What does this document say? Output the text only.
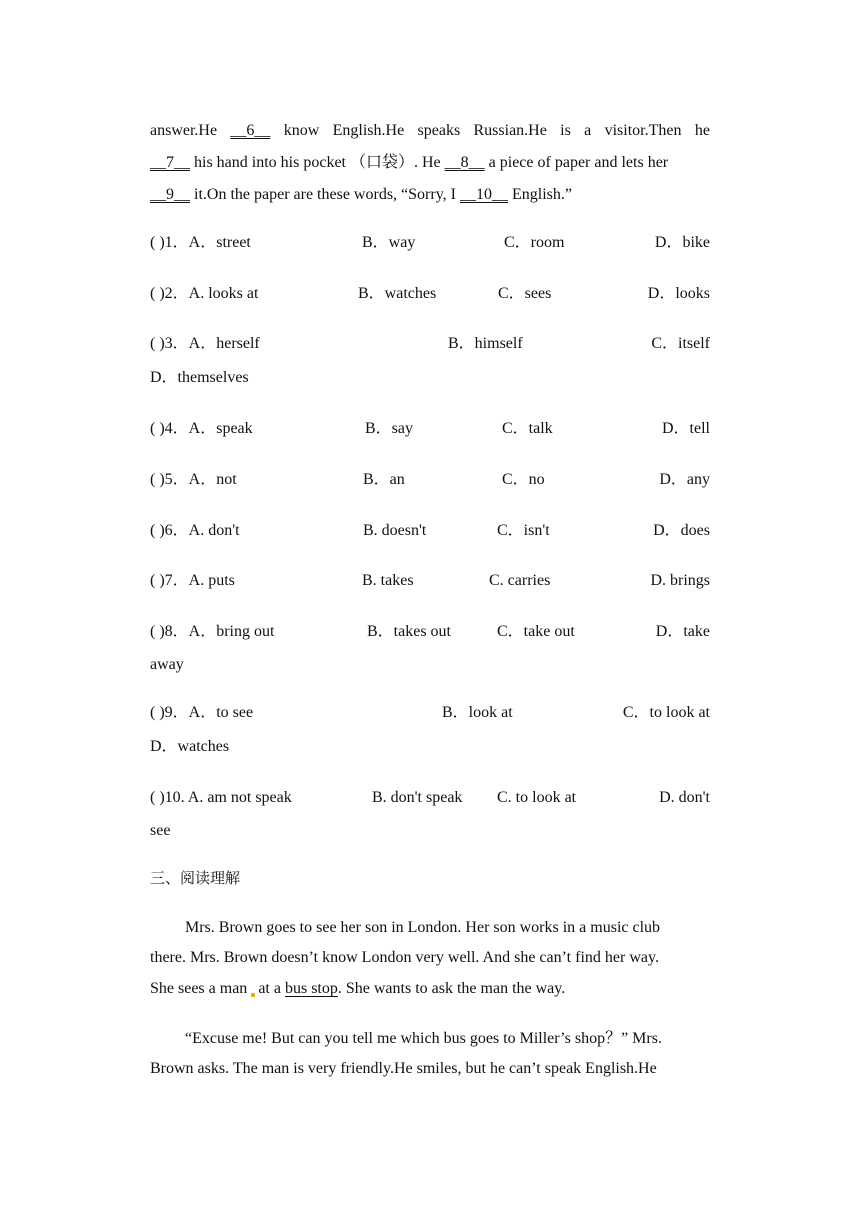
answer.He __6__ know English.He speaks Russian.He is a visitor.Then he
__7__ his hand into his pocket （口袋）. He __8__ a piece of paper and lets her
__9__ it.On the paper are these words, “Sorry, I __10__ English.”
( )1．A．street	B．way	C．room	D．bike
( )2．A. looks at	B．watches	C．sees	D．looks
( )3．A．herself	B．himself	C．itself
D．themselves
( )4．A．speak	B．say	C．talk	D．tell
( )5．A．not	B．an	C．no	D．any
( )6．A. don't	B. doesn't	C．isn't	D．does
( )7．A. puts	B. takes	C. carries	D. brings
( )8．A．bring out	B．takes out	C．take out	D．take
away
( )9．A．to see	B．look at	C．to look at
D．watches
( )10. A. am not speak	B. don't speak C. to look at	D. don't
see
三、阅读理解
Mrs. Brown goes to see her son in London. Her son works in a music club
there. Mrs. Brown doesn’t know London very well. And she can’t find her way.
She sees a man at a bus stop. She wants to ask the man the way.
“Excuse me! But can you tell me which bus goes to Miller’s shop？” Mrs.
Brown asks. The man is very friendly.He smiles, but he can’t speak English.He
